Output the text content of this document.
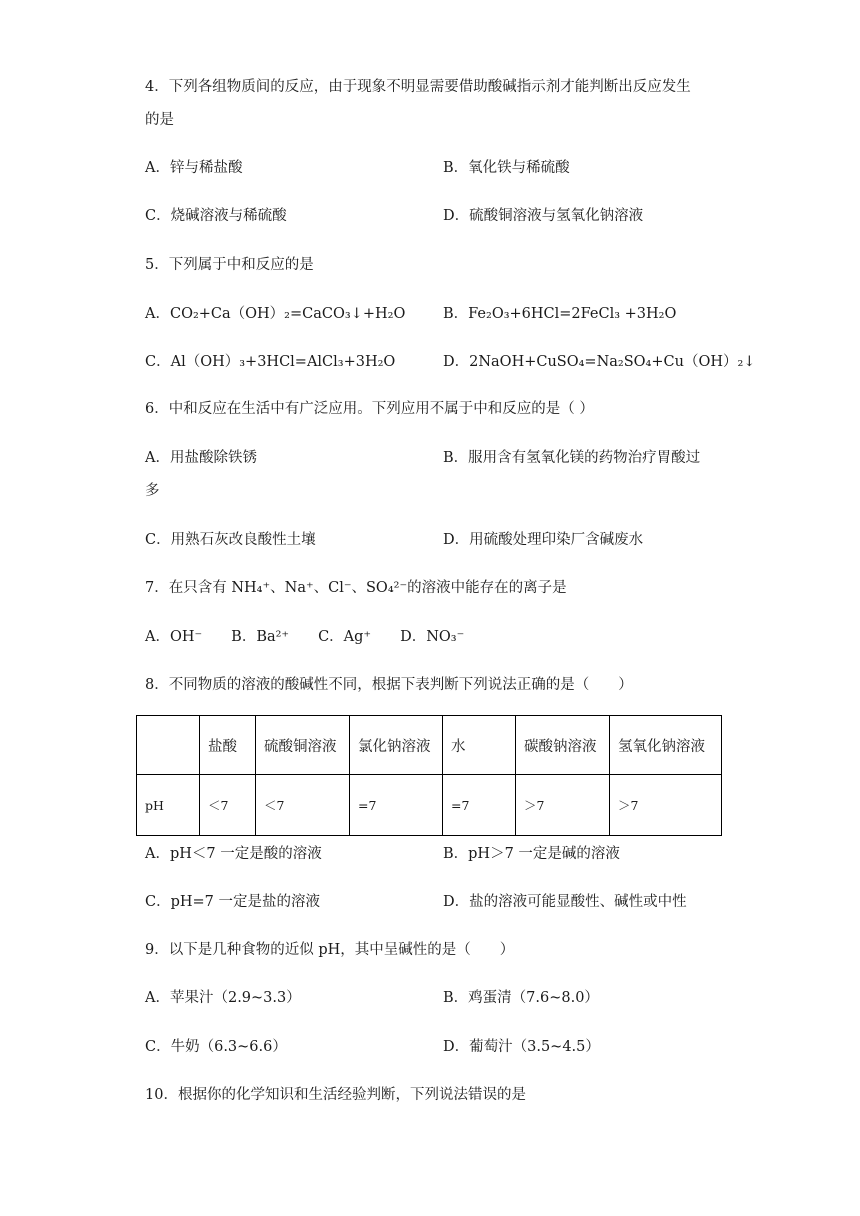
4．下列各组物质间的反应，由于现象不明显需要借助酸碱指示剂才能判断出反应发生
的是
A．锌与稀盐酸	B．氧化铁与稀硫酸
C．烧碱溶液与稀硫酸	D．硫酸铜溶液与氢氧化钠溶液
5．下列属于中和反应的是
A．CO₂+Ca（OH）₂=CaCO₃↓+H₂O	B．Fe₂O₃+6HCl=2FeCl₃ +3H₂O
C．Al（OH）₃+3HCl=AlCl₃+3H₂O	D．2NaOH+CuSO₄=Na₂SO₄+Cu（OH）₂↓
6．中和反应在生活中有广泛应用。下列应用不属于中和反应的是（ ）
A．用盐酸除铁锈	B．服用含有氢氧化镁的药物治疗胃酸过
多
C．用熟石灰改良酸性土壤	D．用硫酸处理印染厂含碱废水
7．在只含有 NH₄⁺、Na⁺、Cl⁻、SO₄²⁻的溶液中能存在的离子是
A．OH⁻　　B．Ba²⁺　　C．Ag⁺　　D．NO₃⁻
8．不同物质的溶液的酸碱性不同，根据下表判断下列说法正确的是（　　）
	盐酸	硫酸铜溶液	氯化钠溶液	水	碳酸钠溶液	氢氧化钠溶液
pH	＜7	＜7	=7	=7	＞7	＞7
A．pH＜7 一定是酸的溶液	B．pH＞7 一定是碱的溶液
C．pH=7 一定是盐的溶液	D．盐的溶液可能显酸性、碱性或中性
9．以下是几种食物的近似 pH，其中呈碱性的是（　　）
A．苹果汁（2.9~3.3）	B．鸡蛋清（7.6~8.0）
C．牛奶（6.3~6.6）	D．葡萄汁（3.5~4.5）
10．根据你的化学知识和生活经验判断，下列说法错误的是
